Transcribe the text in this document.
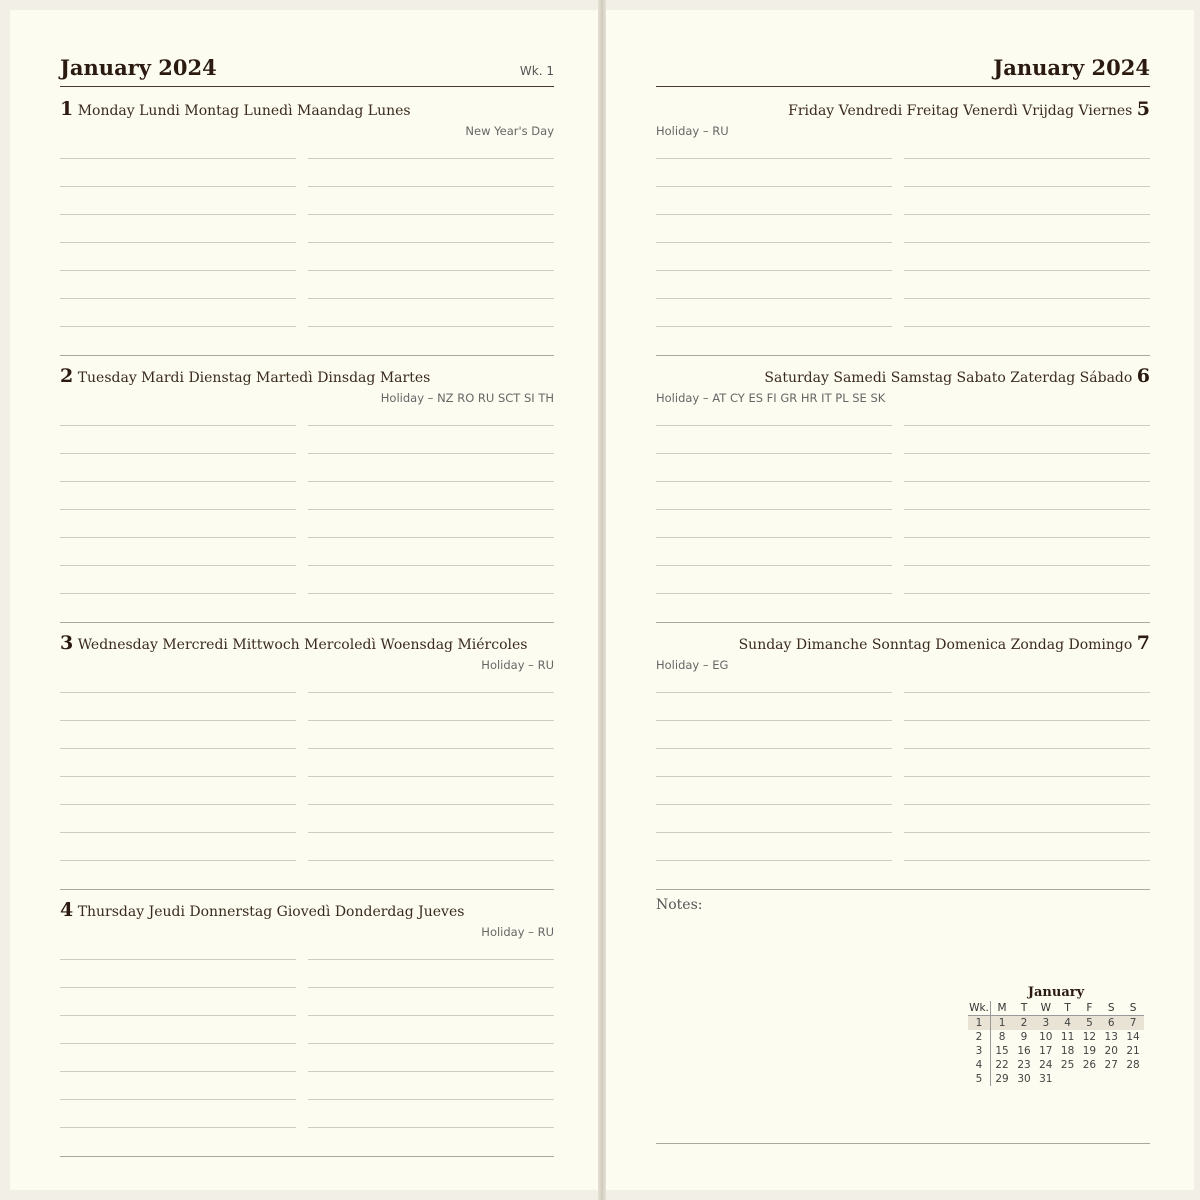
January 2024	Wk. 1
1 Monday Lundi Montag Lunedì Maandag Lunes
New Year's Day
2 Tuesday Mardi Dienstag Martedì Dinsdag Martes
Holiday – NZ RO RU SCT SI TH
3 Wednesday Mercredi Mittwoch Mercoledì Woensdag Miércoles
Holiday – RU
4 Thursday Jeudi Donnerstag Giovedì Donderdag Jueves
Holiday – RU
January 2024
Friday Vendredi Freitag Venerdì Vrijdag Viernes 5
Holiday – RU
Saturday Samedi Samstag Sabato Zaterdag Sábado 6
Holiday – AT CY ES FI GR HR IT PL SE SK
Sunday Dimanche Sonntag Domenica Zondag Domingo 7
Holiday – EG
Notes:
January
Wk.	M	T	W	T	F	S	S
1	1	2	3	4	5	6	7
2	8	9	10	11	12	13	14
3	15	16	17	18	19	20	21
4	22	23	24	25	26	27	28
5	29	30	31				
